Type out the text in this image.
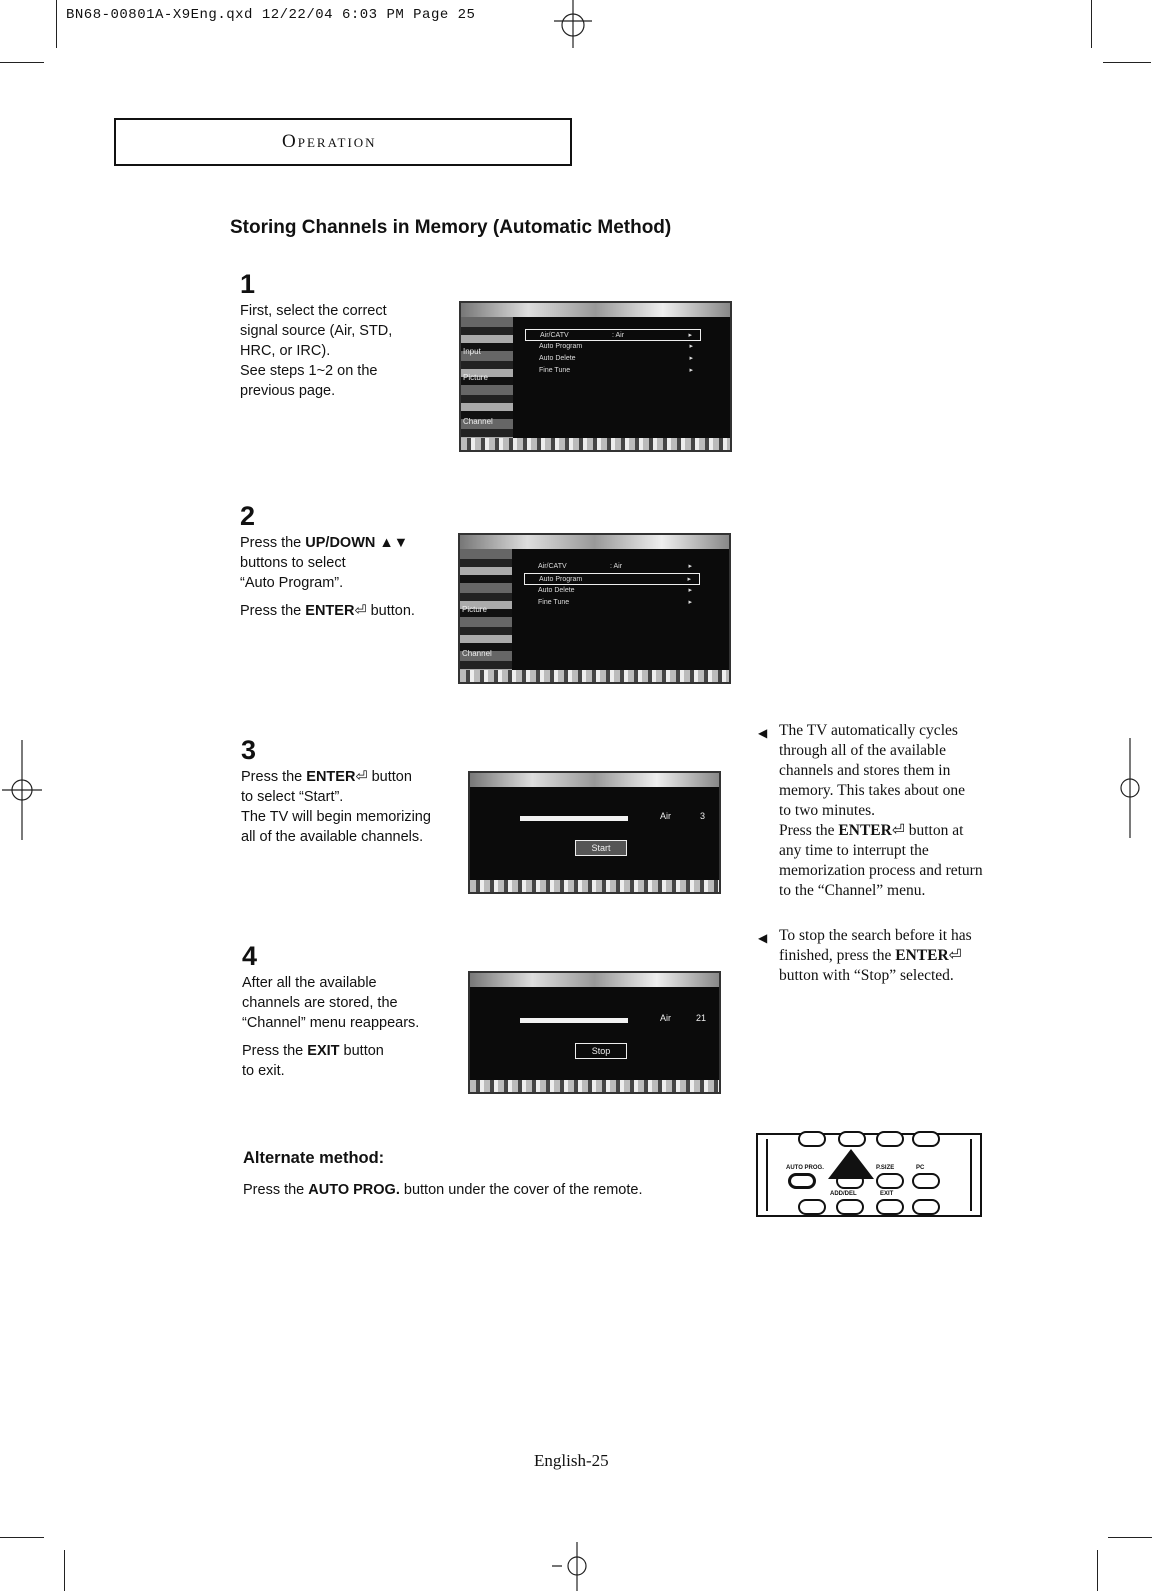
BN68-00801A-X9Eng.qxd 12/22/04 6:03 PM Page 25
Operation
Storing Channels in Memory (Automatic Method)
1
First, select the correct
signal source (Air, STD,
HRC, or IRC).
See steps 1~2 on the
previous page.
Input
Picture
Channel
Air/CATV	: Air	▸
Auto Program	▸
Auto Delete	▸
Fine Tune	▸
2
Press the UP/DOWN ▲▼
buttons to select
“Auto Program”.
Press the ENTER⏎ button.	Picture
Channel
Air/CATV	: Air	▸
Auto Program	▸
Auto Delete	▸
Fine Tune	▸
3
Press the ENTER⏎ button
to select “Start”.
The TV will begin memorizing
all of the available channels.
Air	3
Start
4
After all the available
channels are stored, the
“Channel” menu reappears.
Press the EXIT button
to exit.
Air	21
Stop
◀ The TV automatically cycles
through all of the available
channels and stores them in
memory. This takes about one
to two minutes.
Press the ENTER⏎ button at
any time to interrupt the
memorization process and return
to the “Channel” menu.
◀ To stop the search before it has
finished, press the ENTER⏎
button with “Stop” selected.
Alternate method:
Press the AUTO PROG. button under the cover of the remote.
AUTO PROG.	P.SIZE	PC
ADD/DEL	EXIT
English-25
